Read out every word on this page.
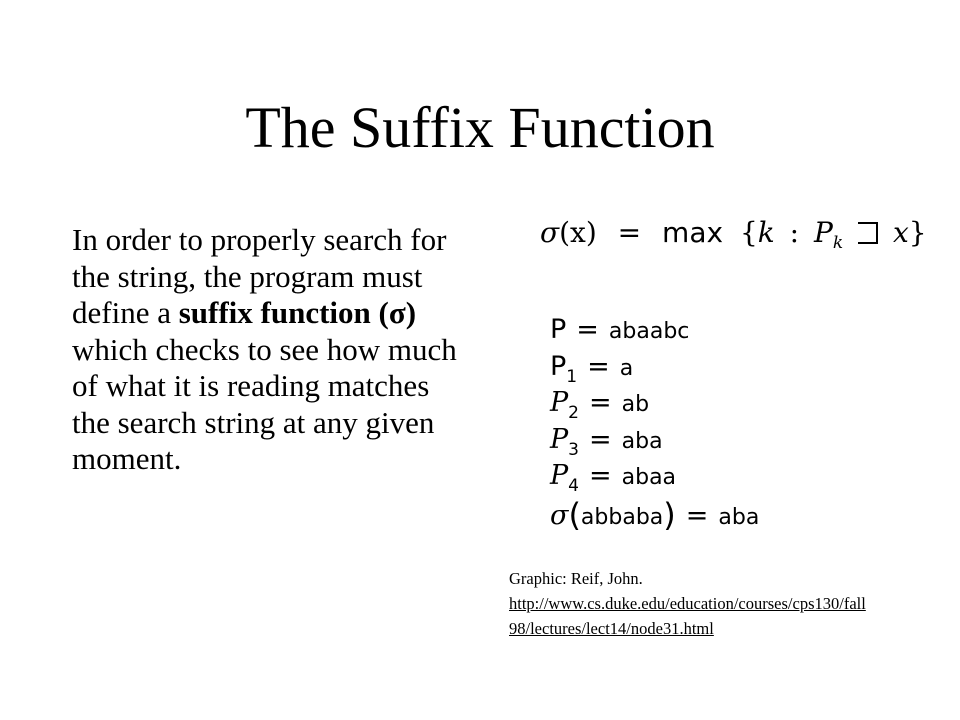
The Suffix Function
In order to properly search for the string, the program must define a suffix function (σ) which checks to see how much of what it is reading matches the search string at any given moment.
σ(x) = max {k : $P_k$ x}
P = abaabc
$P_1 = a$
$P_2$ = ab
$P_3$ = aba
$P_4$ = abaa
σ(abbaba) = aba
Graphic: Reif, John.
http://www.cs.duke.edu/education/courses/cps130/fall98/lectures/lect14/node31.html
